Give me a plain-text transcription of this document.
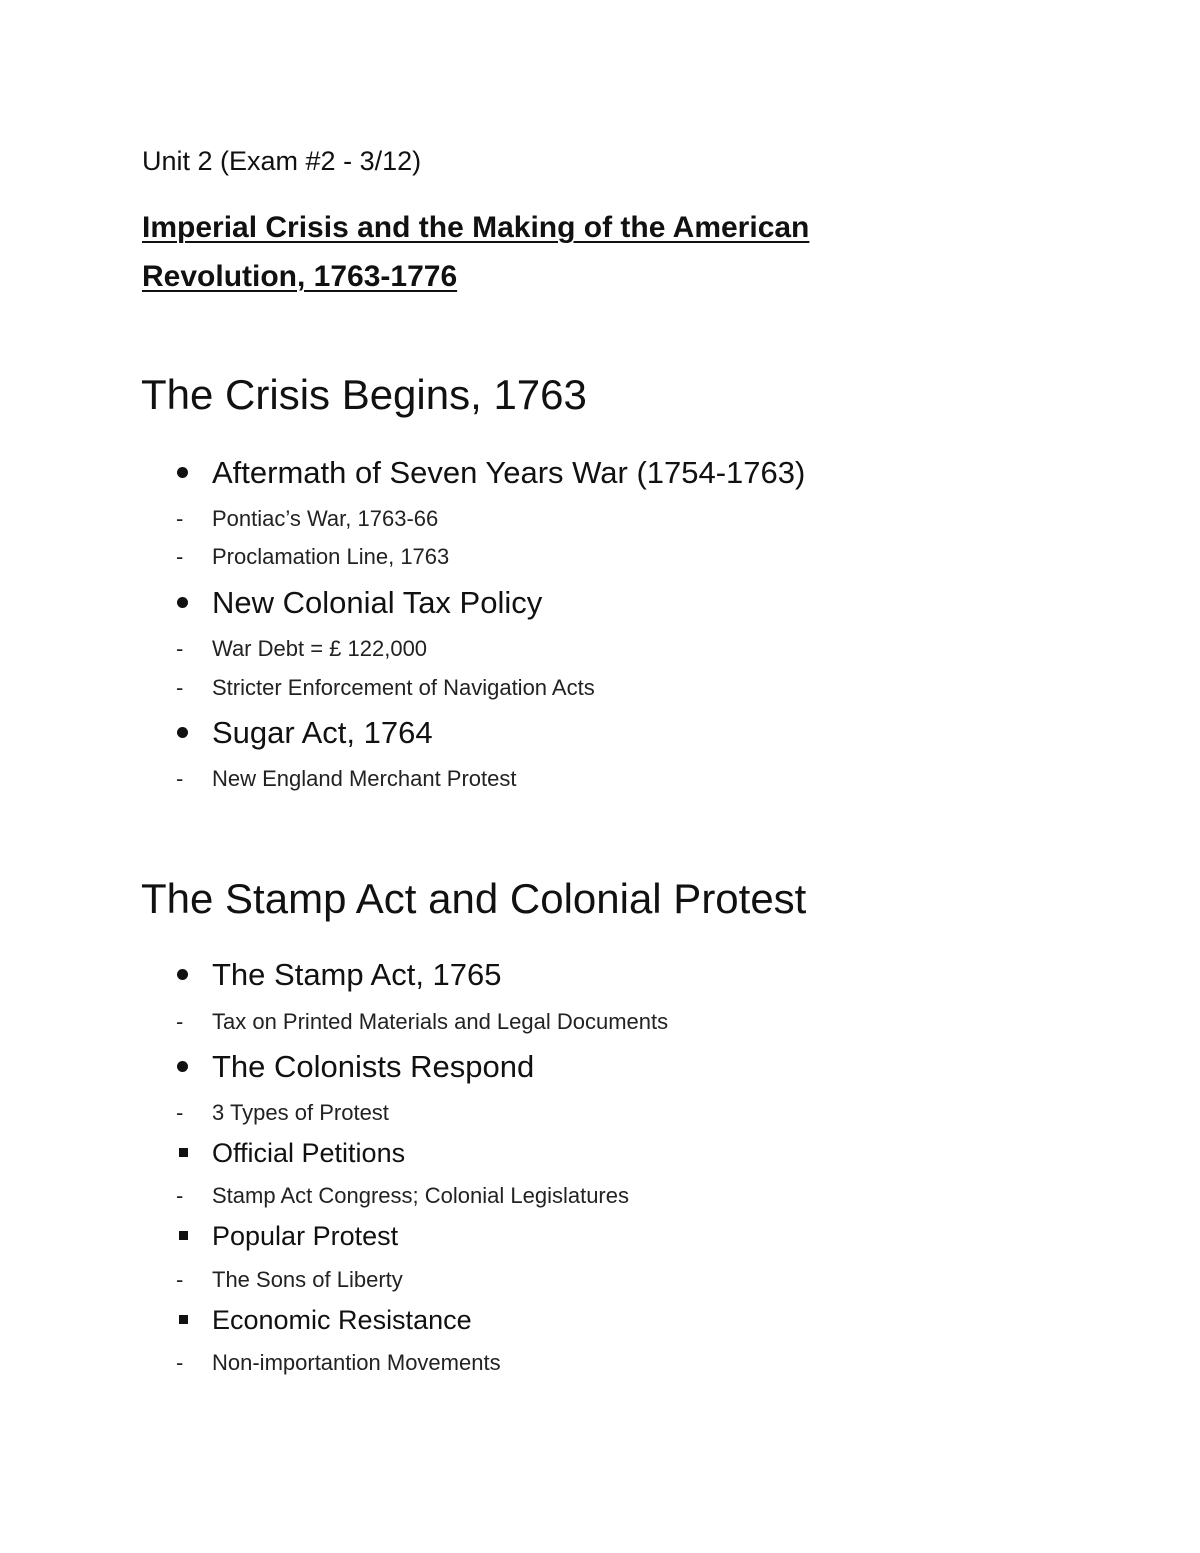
Unit 2 (Exam #2 - 3/12)
Imperial Crisis and the Making of the American Revolution, 1763-1776
The Crisis Begins, 1763
Aftermath of Seven Years War (1754-1763)
- Pontiac’s War, 1763-66
- Proclamation Line, 1763
New Colonial Tax Policy
- War Debt = £ 122,000
- Stricter Enforcement of Navigation Acts
Sugar Act, 1764
- New England Merchant Protest
The Stamp Act and Colonial Protest
The Stamp Act, 1765
- Tax on Printed Materials and Legal Documents
The Colonists Respond
- 3 Types of Protest
Official Petitions
- Stamp Act Congress; Colonial Legislatures
Popular Protest
- The Sons of Liberty
Economic Resistance
- Non-importantion Movements
